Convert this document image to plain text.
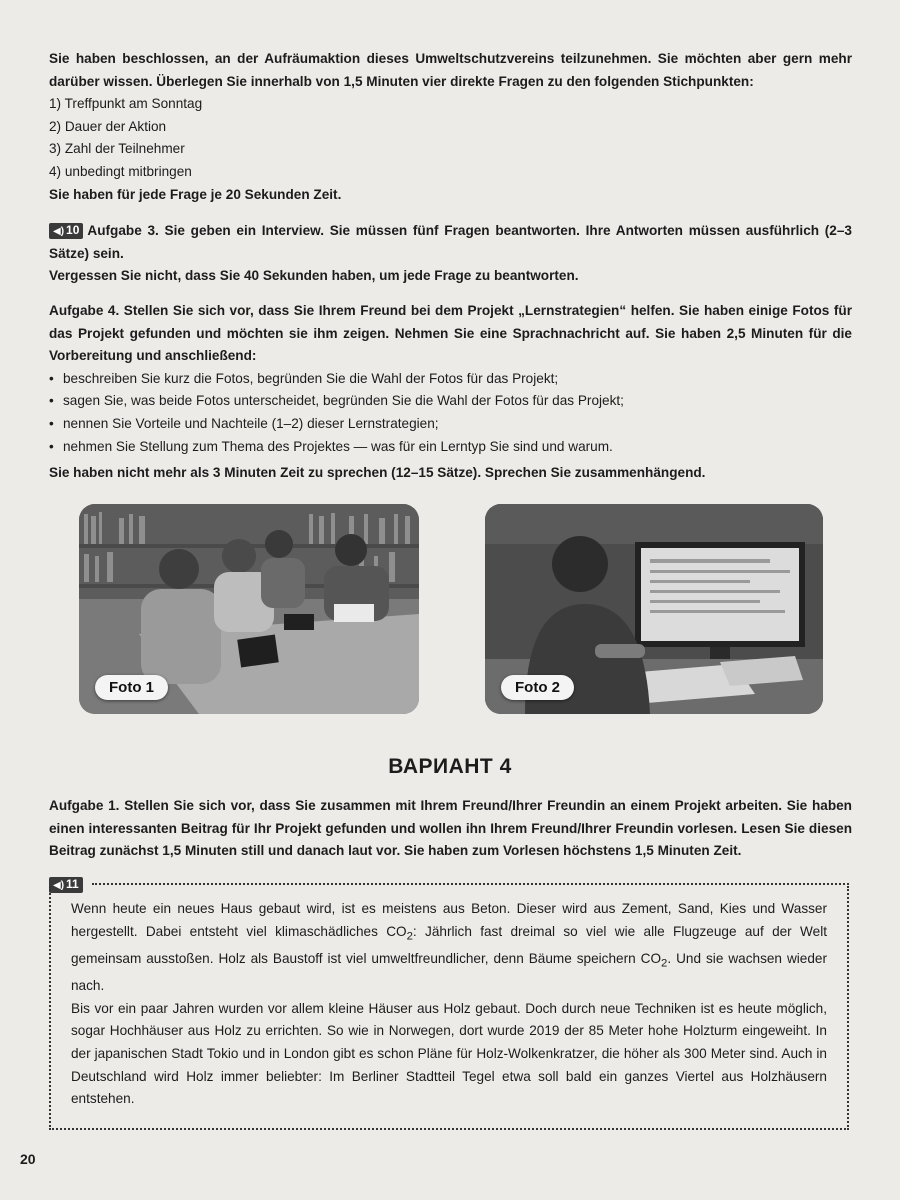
Sie haben beschlossen, an der Aufräumaktion dieses Umweltschutzvereins teilzunehmen. Sie möchten aber gern mehr darüber wissen. Überlegen Sie innerhalb von 1,5 Minuten vier direkte Fragen zu den folgenden Stichpunkten:

1) Treffpunkt am Sonntag

2) Dauer der Aktion

3) Zahl der Teilnehmer

4) unbedingt mitbringen

Sie haben für jede Frage je 20 Sekunden Zeit.

◀) 10 Aufgabe 3. Sie geben ein Interview. Sie müssen fünf Fragen beantworten. Ihre Antworten müssen ausführlich (2–3 Sätze) sein.

Vergessen Sie nicht, dass Sie 40 Sekunden haben, um jede Frage zu beantworten.

Aufgabe 4. Stellen Sie sich vor, dass Sie Ihrem Freund bei dem Projekt „Lernstrategien“ helfen. Sie haben einige Fotos für das Projekt gefunden und möchten sie ihm zeigen. Nehmen Sie eine Sprachnachricht auf. Sie haben 2,5 Minuten für die Vorbereitung und anschließend:

• beschreiben Sie kurz die Fotos, begründen Sie die Wahl der Fotos für das Projekt;
• sagen Sie, was beide Fotos unterscheidet, begründen Sie die Wahl der Fotos für das Projekt;
• nennen Sie Vorteile und Nachteile (1–2) dieser Lernstrategien;
• nehmen Sie Stellung zum Thema des Projektes — was für ein Lerntyp Sie sind und warum.

Sie haben nicht mehr als 3 Minuten Zeit zu sprechen (12–15 Sätze). Sprechen Sie zusammenhängend.

Foto 1	Foto 2
ВАРИАНТ 4

Aufgabe 1. Stellen Sie sich vor, dass Sie zusammen mit Ihrem Freund/Ihrer Freundin an einem Projekt arbeiten. Sie haben einen interessanten Beitrag für Ihr Projekt gefunden und wollen ihn Ihrem Freund/Ihrer Freundin vorlesen. Lesen Sie diesen Beitrag zunächst 1,5 Minuten still und danach laut vor. Sie haben zum Vorlesen höchstens 1,5 Minuten Zeit.

◀) 11

Wenn heute ein neues Haus gebaut wird, ist es meistens aus Beton. Dieser wird aus Zement, Sand, Kies und Wasser hergestellt. Dabei entsteht viel klimaschädliches $CO_2$: Jährlich fast dreimal so viel wie alle Flugzeuge auf der Welt gemeinsam ausstoßen. Holz als Baustoff ist viel umweltfreundlicher, denn Bäume speichern $CO_2$. Und sie wachsen wieder nach.

Bis vor ein paar Jahren wurden vor allem kleine Häuser aus Holz gebaut. Doch durch neue Techniken ist es heute möglich, sogar Hochhäuser aus Holz zu errichten. So wie in Norwegen, dort wurde 2019 der 85 Meter hohe Holzturm eingeweiht. In der japanischen Stadt Tokio und in London gibt es schon Pläne für Holz-Wolkenkratzer, die höher als 300 Meter sind. Auch in Deutschland wird Holz immer beliebter: Im Berliner Stadtteil Tegel etwa soll bald ein ganzes Viertel aus Holzhäusern entstehen.

20
